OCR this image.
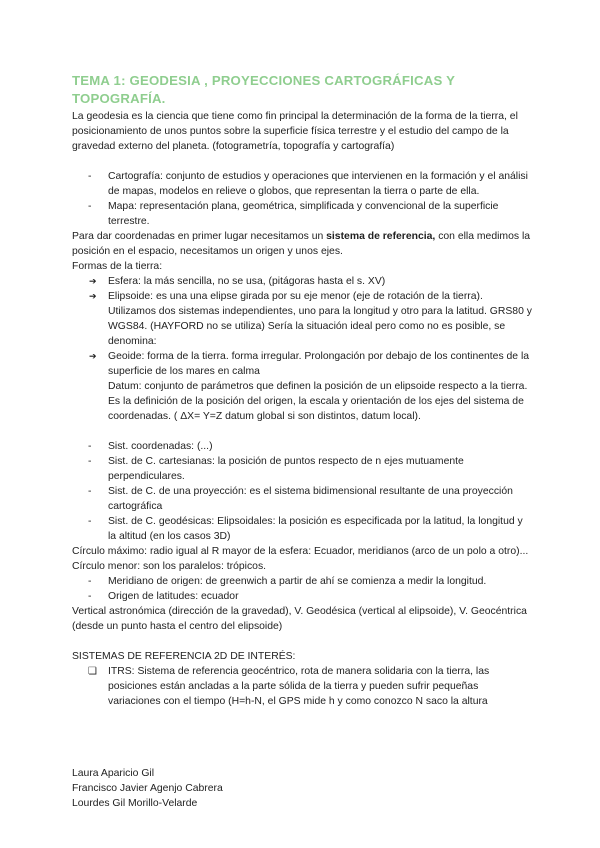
TEMA 1: GEODESIA , PROYECCIONES CARTOGRÁFICAS Y TOPOGRAFÍA.

La geodesia es la ciencia que tiene como fin principal la determinación de la forma de la tierra, el posicionamiento de unos puntos sobre la superficie física terrestre y el estudio del campo de la gravedad externo del planeta. (fotogrametría, topografía y cartografía)

-	Cartografía: conjunto de estudios y operaciones que intervienen en la formación y el análisi de mapas, modelos en relieve o globos, que representan la tierra o parte de ella.
-	Mapa: representación plana, geométrica, simplificada y convencional de la superficie terrestre.

Para dar coordenadas en primer lugar necesitamos un sistema de referencia, con ella medimos la posición en el espacio, necesitamos un origen y unos ejes.

Formas de la tierra:

➔	Esfera: la más sencilla, no se usa, (pitágoras hasta el s. XV)
➔	Elipsoide: es una una elipse girada por su eje menor (eje de rotación de la tierra). Utilizamos dos sistemas independientes, uno para la longitud y otro para la latitud. GRS80 y WGS84. (HAYFORD no se utiliza) Sería la situación ideal pero como no es posible, se denomina:
➔	Geoide: forma de la tierra. forma irregular. Prolongación por debajo de los continentes de la superficie de los mares en calma
Datum: conjunto de parámetros que definen la posición de un elipsoide respecto a la tierra. Es la definición de la posición del origen, la escala y orientación de los ejes del sistema de coordenadas. ( ΔX= Y=Z datum global si son distintos, datum local).
-	Sist. coordenadas: (...)
-	Sist. de C. cartesianas: la posición de puntos respecto de n ejes mutuamente perpendiculares.
-	Sist. de C. de una proyección: es el sistema bidimensional resultante de una proyección cartográfica
-	Sist. de C. geodésicas: Elipsoidales: la posición es especificada por la latitud, la longitud y la altitud (en los casos 3D)

Círculo máximo: radio igual al R mayor de la esfera: Ecuador, meridianos (arco de un polo a otro)...

Círculo menor: son los paralelos: trópicos.

-	Meridiano de origen: de greenwich a partir de ahí se comienza a medir la longitud.
-	Origen de latitudes: ecuador

Vertical astronómica (dirección de la gravedad), V. Geodésica (vertical al elipsoide), V. Geocéntrica (desde un punto hasta el centro del elipsoide)

SISTEMAS DE REFERENCIA 2D DE INTERÉS:

❏	ITRS: Sistema de referencia geocéntrico, rota de manera solidaria con la tierra, las posiciones están ancladas a la parte sólida de la tierra y pueden sufrir pequeñas variaciones con el tiempo (H=h-N, el GPS mide h y como conozco N saco la altura
Laura Aparicio Gil
Francisco Javier Agenjo Cabrera
Lourdes Gil Morillo-Velarde
